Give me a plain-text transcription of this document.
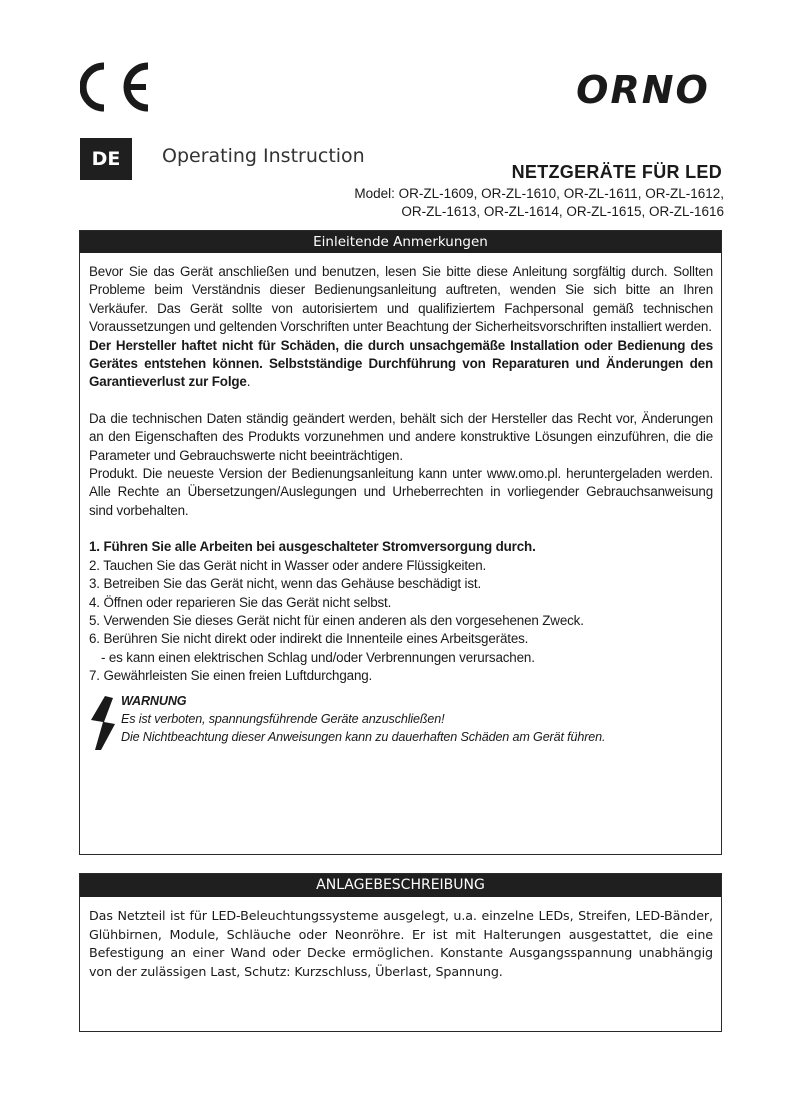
ORNO
DE	Operating Instruction
NETZGERÄTE FÜR LED
Model: OR-ZL-1609, OR-ZL-1610, OR-ZL-1611, OR-ZL-1612,
OR-ZL-1613, OR-ZL-1614, OR-ZL-1615, OR-ZL-1616
Einleitende Anmerkungen

Bevor Sie das Gerät anschließen und benutzen, lesen Sie bitte diese Anleitung sorgfältig durch. Sollten Probleme beim Verständnis dieser Bedienungsanleitung auftreten, wenden Sie sich bitte an Ihren Verkäufer. Das Gerät sollte von autorisiertem und qualifiziertem Fachpersonal gemäß technischen Voraussetzungen und geltenden Vorschriften unter Beachtung der Sicherheitsvorschriften installiert werden.

Der Hersteller haftet nicht für Schäden, die durch unsachgemäße Installation oder Bedienung des Gerätes entstehen können. Selbstständige Durchführung von Reparaturen und Änderungen den Garantieverlust zur Folge.

Da die technischen Daten ständig geändert werden, behält sich der Hersteller das Recht vor, Änderungen an den Eigenschaften des Produkts vorzunehmen und andere konstruktive Lösungen einzuführen, die die Parameter und Gebrauchswerte nicht beeinträchtigen.

Produkt. Die neueste Version der Bedienungsanleitung kann unter www.omo.pl. heruntergeladen werden. Alle Rechte an Übersetzungen/Auslegungen und Urheberrechten in vorliegender Gebrauchsanweisung sind vorbehalten.

1. Führen Sie alle Arbeiten bei ausgeschalteter Stromversorgung durch.
2. Tauchen Sie das Gerät nicht in Wasser oder andere Flüssigkeiten.
3. Betreiben Sie das Gerät nicht, wenn das Gehäuse beschädigt ist.
4. Öffnen oder reparieren Sie das Gerät nicht selbst.
5. Verwenden Sie dieses Gerät nicht für einen anderen als den vorgesehenen Zweck.
6. Berühren Sie nicht direkt oder indirekt die Innenteile eines Arbeitsgerätes.
- es kann einen elektrischen Schlag und/oder Verbrennungen verursachen.
7. Gewährleisten Sie einen freien Luftdurchgang.
WARNUNG
Es ist verboten, spannungsführende Geräte anzuschließen!
Die Nichtbeachtung dieser Anweisungen kann zu dauerhaften Schäden am Gerät führen.
ANLAGEBESCHREIBUNG

Das Netzteil ist für LED-Beleuchtungssysteme ausgelegt, u.a. einzelne LEDs, Streifen, LED-Bänder, Glühbirnen, Module, Schläuche oder Neonröhre. Er ist mit Halterungen ausgestattet, die eine Befestigung an einer Wand oder Decke ermöglichen. Konstante Ausgangsspannung unabhängig von der zulässigen Last, Schutz: Kurzschluss, Überlast, Spannung.
